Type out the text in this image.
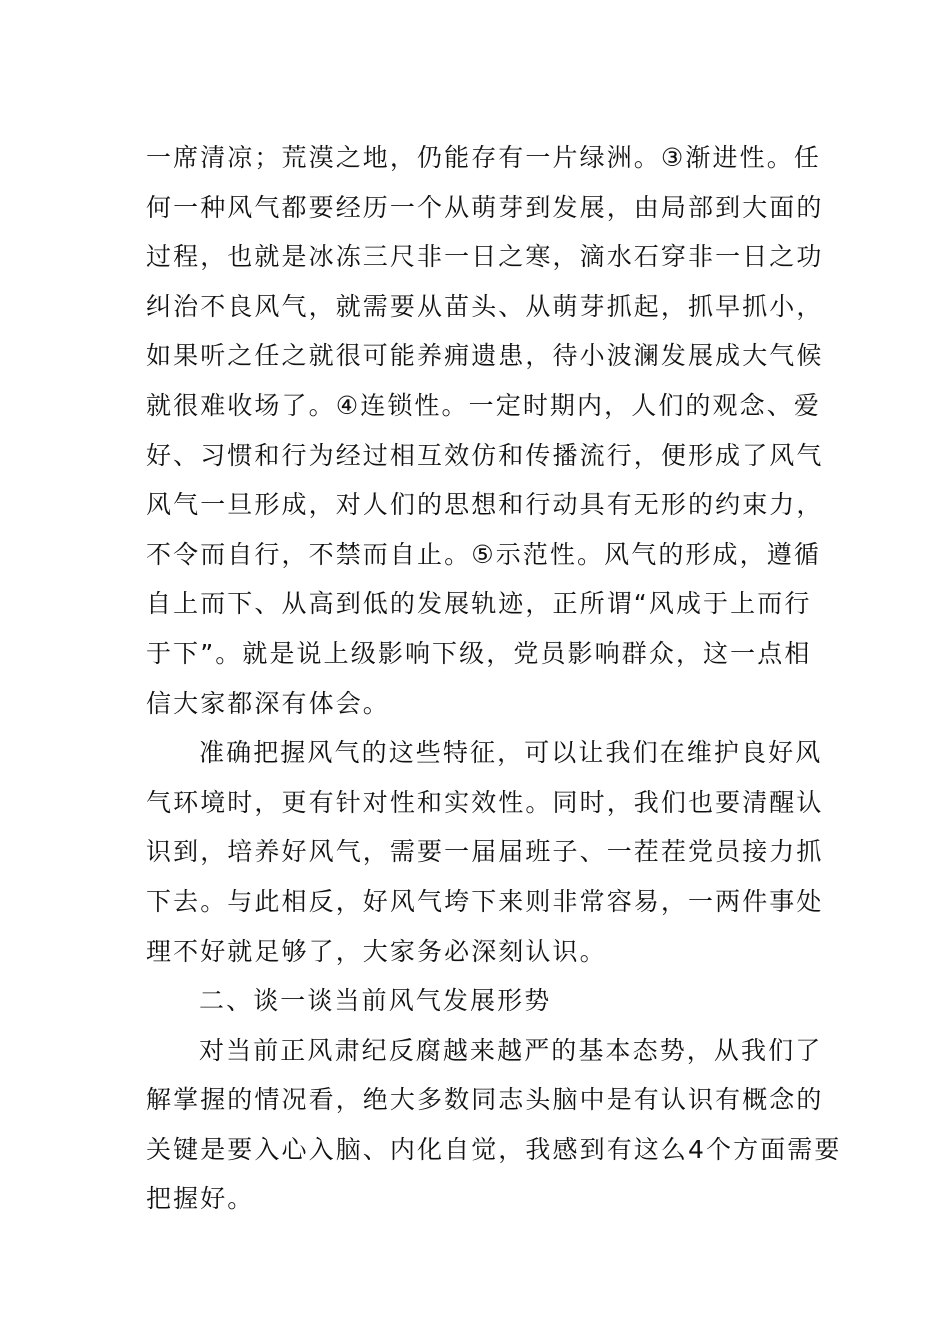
一席清凉；荒漠之地，仍能存有一片绿洲。③渐进性。任
何一种风气都要经历一个从萌芽到发展，由局部到大面的
过程，也就是冰冻三尺非一日之寒，滴水石穿非一日之功
纠治不良风气，就需要从苗头、从萌芽抓起，抓早抓小，
如果听之任之就很可能养痈遗患，待小波澜发展成大气候
就很难收场了。④连锁性。一定时期内，人们的观念、爱
好、习惯和行为经过相互效仿和传播流行，便形成了风气
风气一旦形成，对人们的思想和行动具有无形的约束力，
不令而自行，不禁而自止。⑤示范性。风气的形成，遵循
自上而下、从高到低的发展轨迹，正所谓“风成于上而行
于下”。就是说上级影响下级，党员影响群众，这一点相
信大家都深有体会。
准确把握风气的这些特征，可以让我们在维护良好风
气环境时，更有针对性和实效性。同时，我们也要清醒认
识到，培养好风气，需要一届届班子、一茬茬党员接力抓
下去。与此相反，好风气垮下来则非常容易，一两件事处
理不好就足够了，大家务必深刻认识。
二、谈一谈当前风气发展形势
对当前正风肃纪反腐越来越严的基本态势，从我们了
解掌握的情况看，绝大多数同志头脑中是有认识有概念的
关键是要入心入脑、内化自觉，我感到有这么4个方面需要
把握好。
